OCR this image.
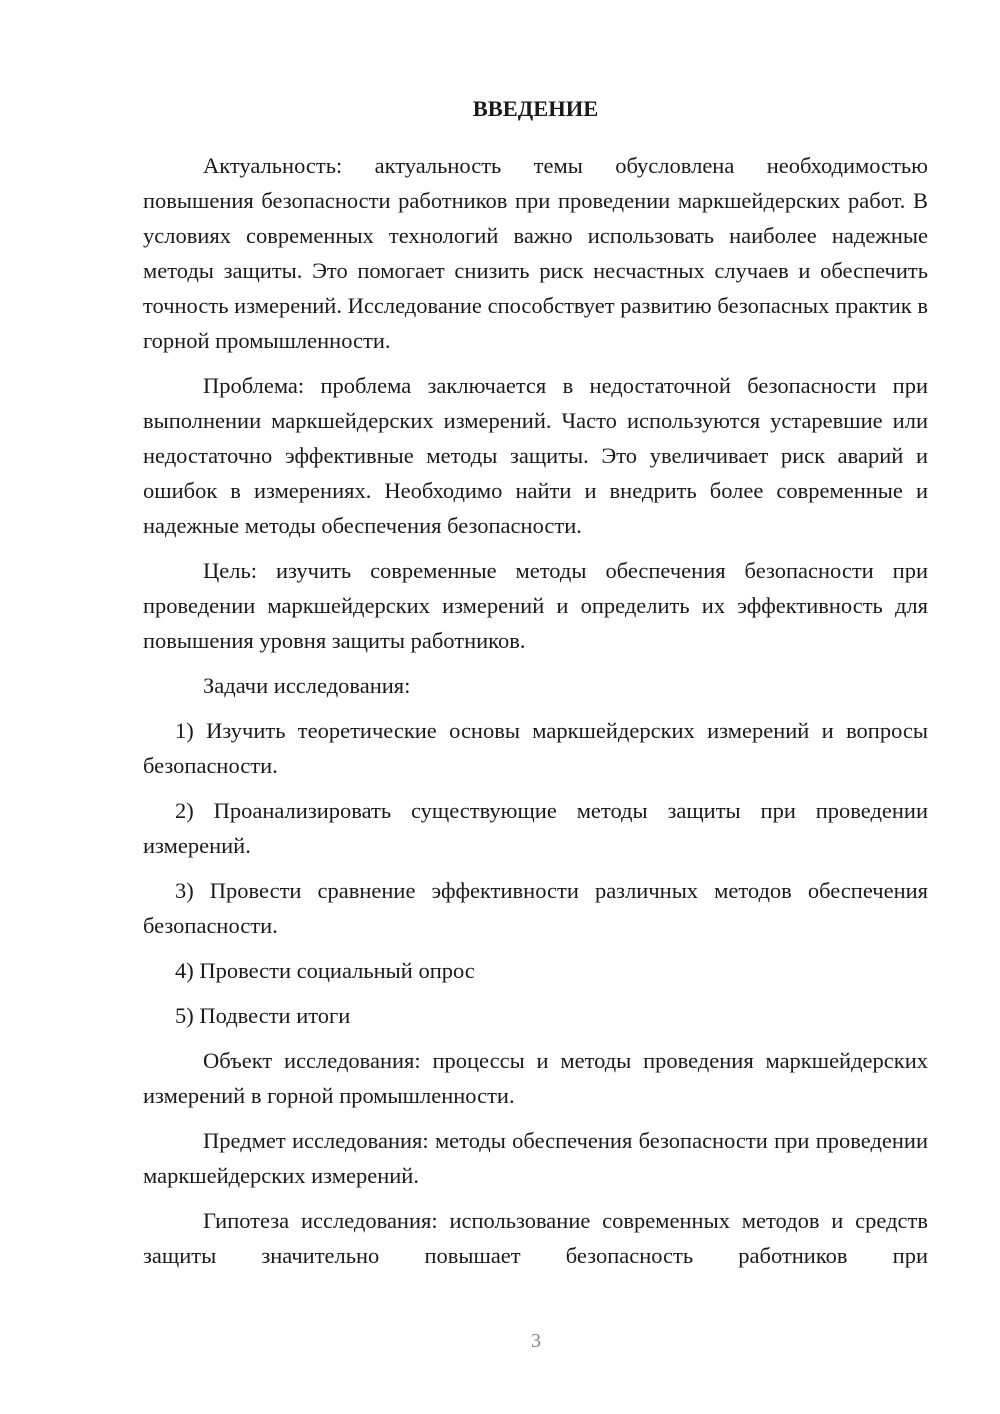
ВВЕДЕНИЕ

Актуальность: актуальность темы обусловлена необходимостью повышения безопасности работников при проведении маркшейдерских работ. В условиях современных технологий важно использовать наиболее надежные методы защиты. Это помогает снизить риск несчастных случаев и обеспечить точность измерений. Исследование способствует развитию безопасных практик в горной промышленности.

Проблема: проблема заключается в недостаточной безопасности при выполнении маркшейдерских измерений. Часто используются устаревшие или недостаточно эффективные методы защиты. Это увеличивает риск аварий и ошибок в измерениях. Необходимо найти и внедрить более современные и надежные методы обеспечения безопасности.

Цель: изучить современные методы обеспечения безопасности при проведении маркшейдерских измерений и определить их эффективность для повышения уровня защиты работников.

Задачи исследования:

1) Изучить теоретические основы маркшейдерских измерений и вопросы безопасности.

2) Проанализировать существующие методы защиты при проведении измерений.

3) Провести сравнение эффективности различных методов обеспечения безопасности.

4) Провести социальный опрос

5) Подвести итоги

Объект исследования: процессы и методы проведения маркшейдерских измерений в горной промышленности.

Предмет исследования: методы обеспечения безопасности при проведении маркшейдерских измерений.

Гипотеза исследования: использование современных методов и средств защиты значительно повышает безопасность работников при

3
